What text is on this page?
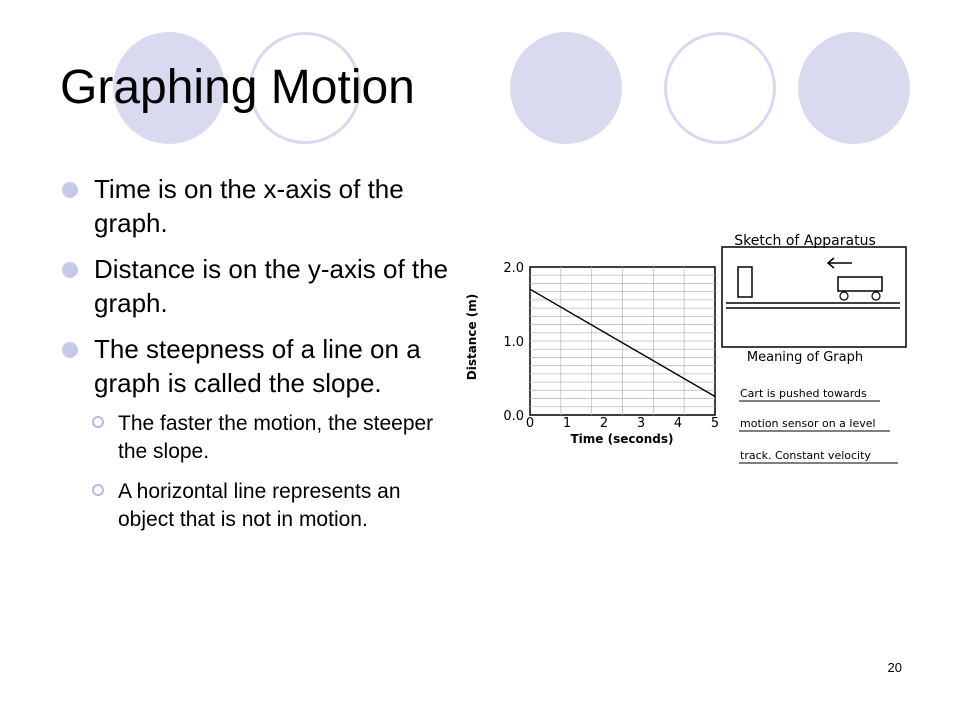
Graphing Motion
Time is on the x-axis of the graph.
Distance is on the y-axis of the graph.
The steepness of a line on a graph is called the slope.
The faster the motion, the steeper the slope.
A horizontal line represents an object that is not in motion.
0 1 2 3 4 5
2.0
1.0
0.0
Time (seconds)
Distance (m)
Sketch of Apparatus
Meaning of Graph
Cart is pushed towards
motion sensor on a level
track. Constant velocity
20
